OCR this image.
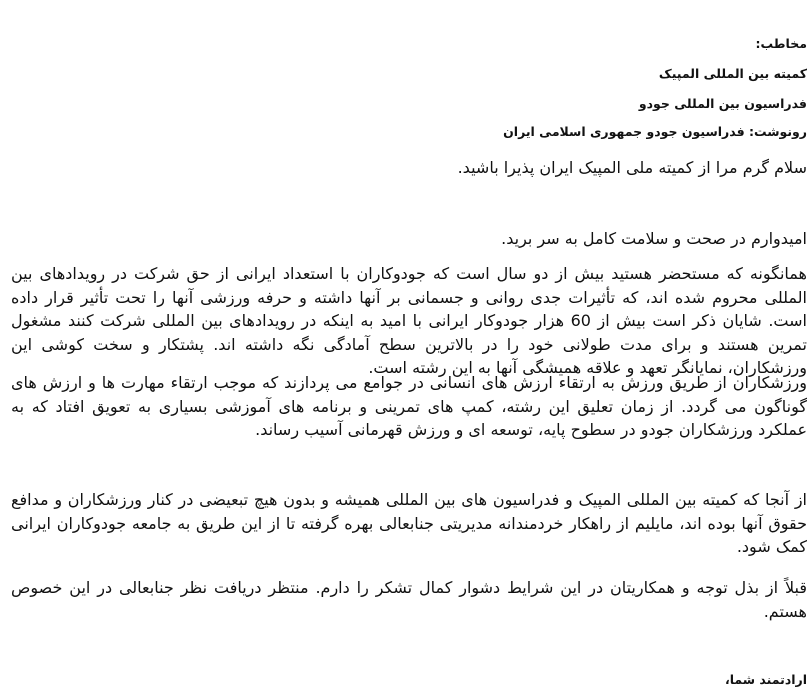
مخاطب:
کمیته بین المللی المپیک
فدراسیون بین المللی جودو
رونوشت: فدراسیون جودو جمهوری اسلامی ایران
سلام گرم مرا از کمیته ملی المپیک ایران پذیرا باشید.
امیدوارم در صحت و سلامت کامل به سر برید.
همانگونه که مستحضر هستید بیش از دو سال است که جودوکاران با استعداد ایرانی از حق شرکت در رویدادهای بین المللی محروم شده اند، که تأثیرات جدی روانی و جسمانی بر آنها داشته و حرفه ورزشی آنها را تحت تأثیر قرار داده است. شایان ذکر است بیش از 60 هزار جودوکار ایرانی با امید به اینکه در رویدادهای بین المللی شرکت کنند مشغول تمرین هستند و برای مدت طولانی خود را در بالاترین سطح آمادگی نگه داشته اند. پشتکار و سخت کوشی این ورزشکاران، نمایانگر تعهد و علاقه همیشگی آنها به این رشته است.
ورزشکاران از طریق ورزش به ارتقاء ارزش های انسانی در جوامع می پردازند که موجب ارتقاء مهارت ها و ارزش های گوناگون می گردد. از زمان تعلیق این رشته، کمپ های تمرینی و برنامه های آموزشی بسیاری به تعویق افتاد که به عملکرد ورزشکاران جودو در سطوح پایه، توسعه ای و ورزش قهرمانی آسیب رساند.
از آنجا که کمیته بین المللی المپیک و فدراسیون های بین المللی همیشه و بدون هیچ تبعیضی در کنار ورزشکاران و مدافع حقوق آنها بوده اند، مایلیم از راهکار خردمندانه مدیریتی جنابعالی بهره گرفته تا از این طریق به جامعه جودوکاران ایرانی کمک شود.
قبلاً از بذل توجه و همکاریتان در این شرایط دشوار کمال تشکر را دارم. منتظر دریافت نظر جنابعالی در این خصوص هستم.
ارادتمند شما،
